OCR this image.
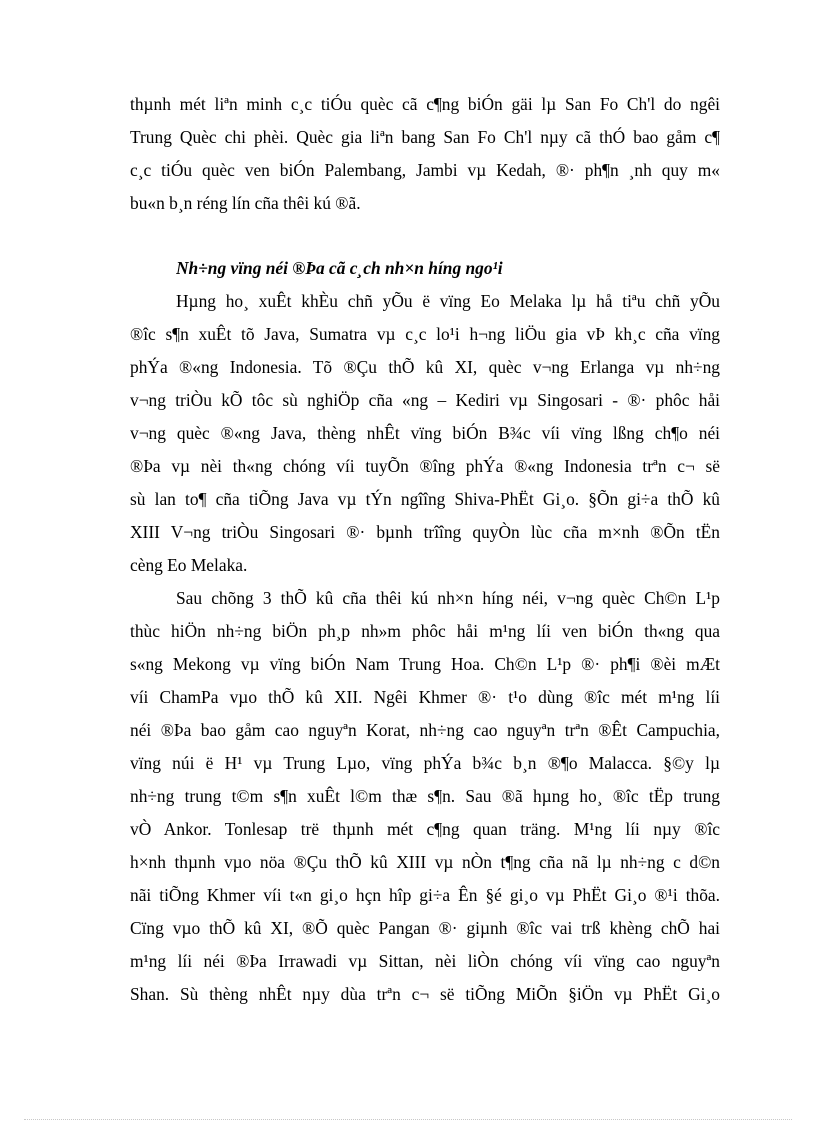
thµnh mét liªn minh c¸c tiÓu quèc cã c¶ng biÓn gäi lµ San Fo Ch'l do ngêi
Trung Quèc chi phèi. Quèc gia liªn bang San Fo Ch'l nµy cã thÓ bao gåm c¶
c¸c tiÓu quèc ven biÓn Palembang, Jambi vµ Kedah, ®· ph¶n ¸nh quy m«
bu«n b¸n réng lín cña thêi kú ®ã.
Nh÷ng vïng néi ®Þa cã c¸ch nh×n híng ngo¹i
Hµng ho¸ xuÊt khÈu chñ yÕu ë vïng Eo Melaka lµ hå tiªu chñ yÕu
®îc s¶n xuÊt tõ Java, Sumatra vµ c¸c lo¹i h¬ng liÖu gia vÞ kh¸c cña vïng
phÝa ®«ng Indonesia. Tõ ®Çu thÕ kû XI, quèc v¬ng Erlanga vµ nh÷ng
v¬ng triÒu kÕ tôc sù nghiÖp cña «ng – Kediri vµ Singosari - ®· phôc håi
v¬ng quèc ®«ng Java, thèng nhÊt vïng biÓn B¾c víi vïng lßng ch¶o néi
®Þa vµ nèi th«ng chóng víi tuyÕn ®îng phÝa ®«ng Indonesia trªn c¬ së
sù lan to¶ cña tiÕng Java vµ tÝn ngîîng Shiva-PhËt Gi¸o. §Õn gi÷a thÕ kû
XIII V¬ng triÒu Singosari ®· bµnh trîîng quyÒn lùc cña m×nh ®Õn tËn
cèng Eo Melaka.
Sau chõng 3 thÕ kû cña thêi kú nh×n híng néi, v¬ng quèc Ch©n L¹p
thùc hiÖn nh÷ng biÖn ph¸p nh»m phôc håi m¹ng líi ven biÓn th«ng qua
s«ng Mekong vµ vïng biÓn Nam Trung Hoa. Ch©n L¹p ®· ph¶i ®èi mÆt
víi ChamPa vµo thÕ kû XII. Ngêi Khmer ®· t¹o dùng ®îc mét m¹ng líi
néi ®Þa bao gåm cao nguyªn Korat, nh÷ng cao nguyªn trªn ®Êt Campuchia,
vïng núi ë H¹ vµ Trung Lµo, vïng phÝa b¾c b¸n ®¶o Malacca. §©y lµ
nh÷ng trung t©m s¶n xuÊt l©m thæ s¶n. Sau ®ã hµng ho¸ ®îc tËp trung
vÒ Ankor. Tonlesap trë thµnh mét c¶ng quan träng. M¹ng líi nµy ®îc
h×nh thµnh vµo nöa ®Çu thÕ kû XIII vµ nÒn t¶ng cña nã lµ nh÷ng c d©n
nãi tiÕng Khmer víi t«n gi¸o hçn hîp gi÷a Ên §é gi¸o vµ PhËt Gi¸o ®¹i thõa.
Cïng vµo thÕ kû XI, ®Õ quèc Pangan ®· giµnh ®îc vai trß khèng chÕ hai
m¹ng líi néi ®Þa Irrawadi vµ Sittan, nèi liÒn chóng víi vïng cao nguyªn
Shan. Sù thèng nhÊt nµy dùa trªn c¬ së tiÕng MiÕn §iÖn vµ PhËt Gi¸o
